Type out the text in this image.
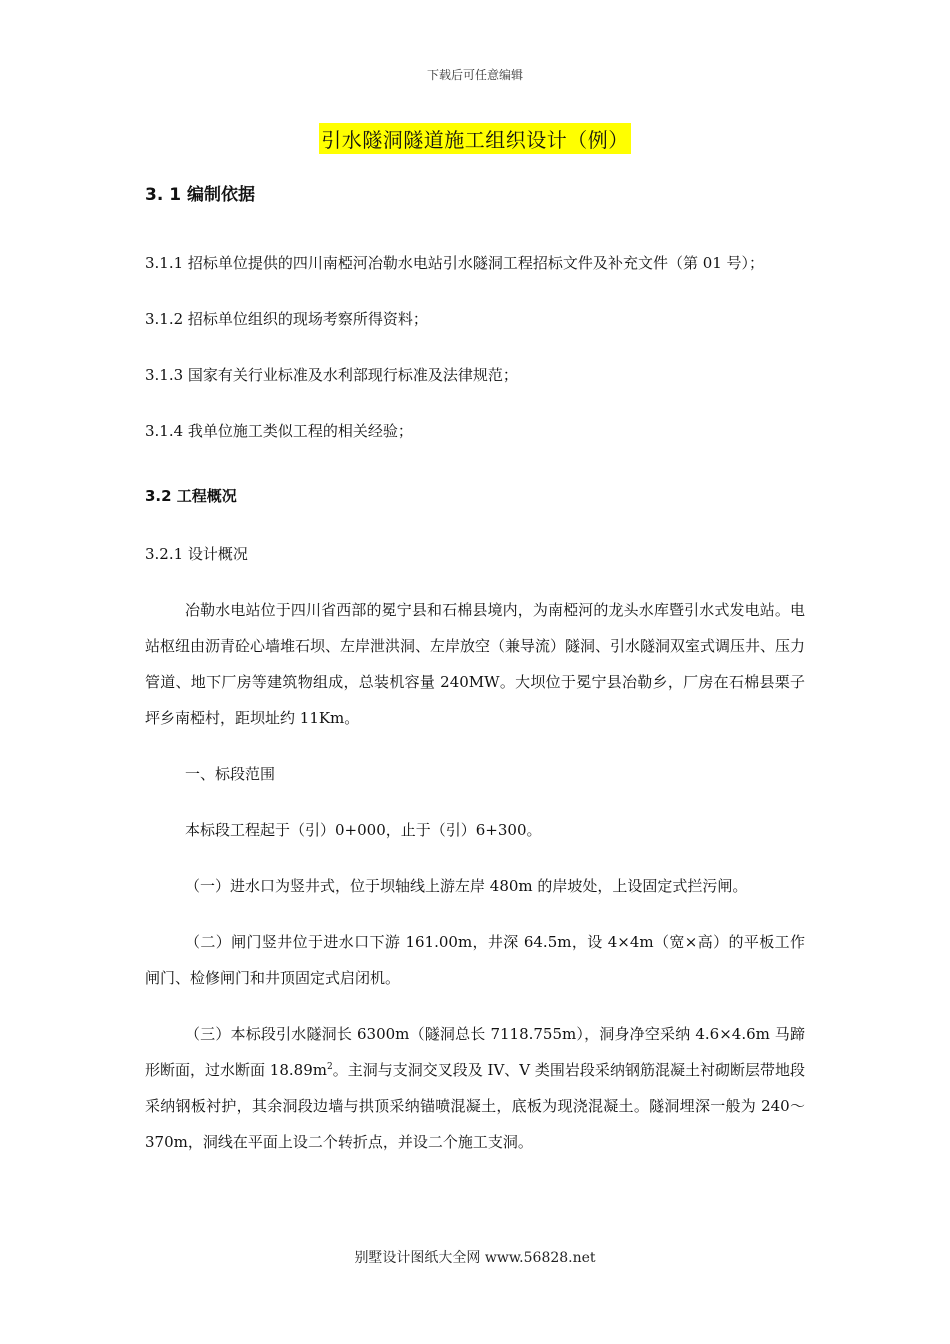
下载后可任意编辑
引水隧洞隧道施工组织设计（例）

3. 1 编制依据

3.1.1 招标单位提供的四川南椏河冶勒水电站引水隧洞工程招标文件及补充文件（第 01 号）；

3.1.2 招标单位组织的现场考察所得资料；

3.1.3 国家有关行业标准及水利部现行标准及法律规范；

3.1.4 我单位施工类似工程的相关经验；

3.2 工程概况

3.2.1 设计概况

冶勒水电站位于四川省西部的冕宁县和石棉县境内，为南椏河的龙头水库暨引水式发电站。电站枢纽由沥青砼心墙堆石坝、左岸泄洪洞、左岸放空（兼导流）隧洞、引水隧洞双室式调压井、压力管道、地下厂房等建筑物组成，总装机容量 240MW。大坝位于冕宁县冶勒乡，厂房在石棉县栗子坪乡南椏村，距坝址约 11Km。

一、标段范围

本标段工程起于（引）0+000，止于（引）6+300。

（一）进水口为竖井式，位于坝轴线上游左岸 480m 的岸坡处，上设固定式拦污闸。

（二）闸门竖井位于进水口下游 161.00m，井深 64.5m，设 4×4m（宽×高）的平板工作闸门、检修闸门和井顶固定式启闭机。

（三）本标段引水隧洞长 6300m（隧洞总长 7118.755m），洞身净空采纳 4.6×4.6m 马蹄形断面，过水断面 $18.89m^2$。主洞与支洞交叉段及 IV、V 类围岩段采纳钢筋混凝土衬砌断层带地段采纳钢板衬护，其余洞段边墙与拱顶采纳锚喷混凝土，底板为现浇混凝土。隧洞埋深一般为 240～370m，洞线在平面上设二个转折点，并设二个施工支洞。

别墅设计图纸大全网 www.56828.net
